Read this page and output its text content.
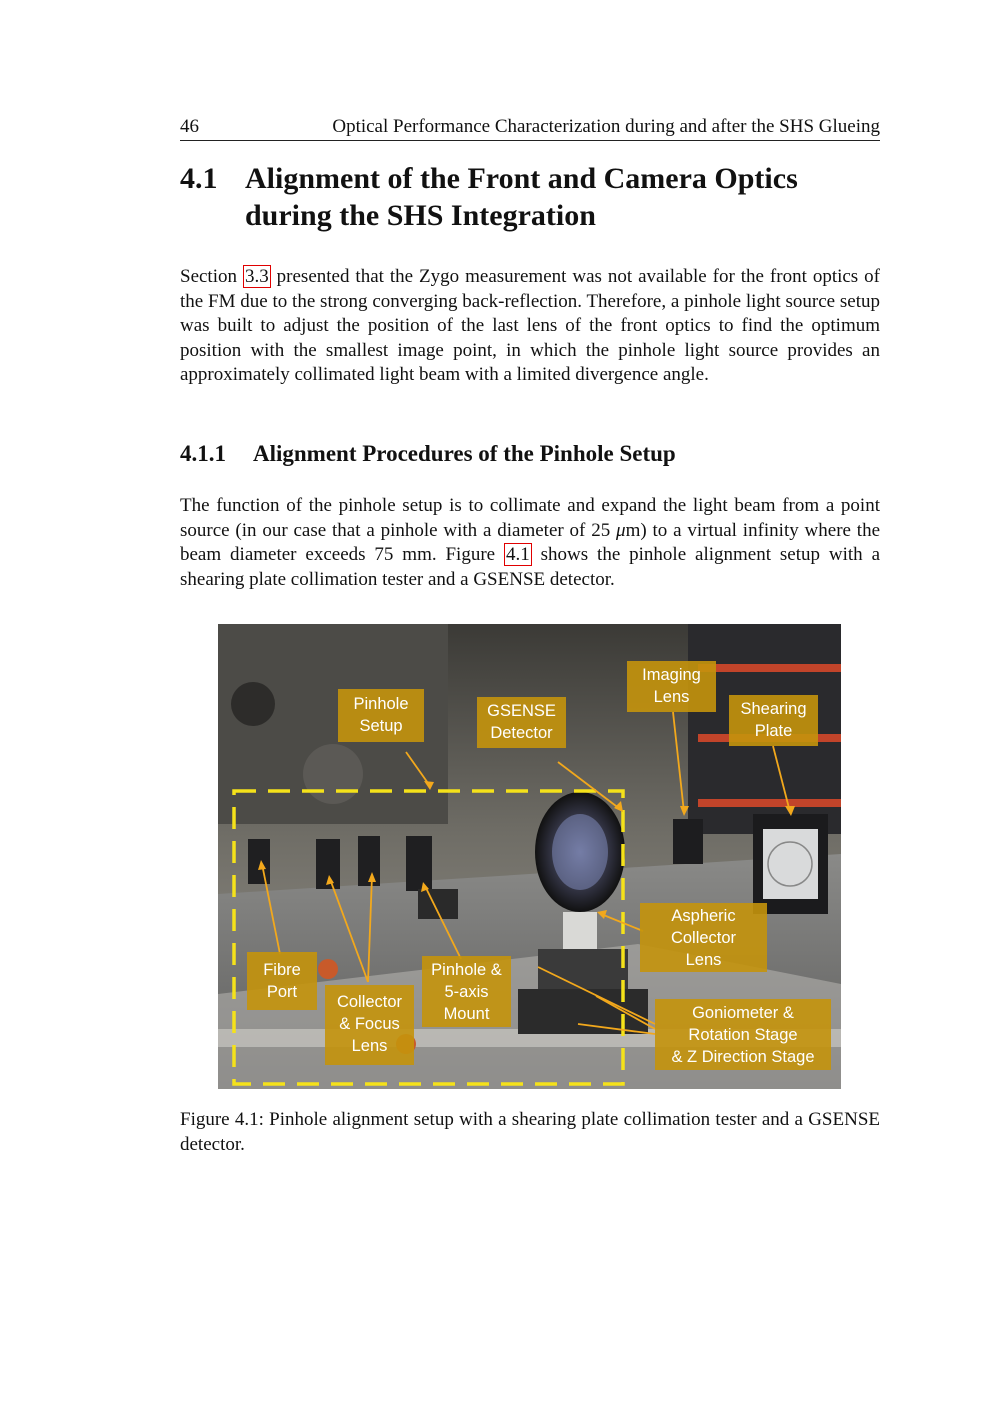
46	Optical Performance Characterization during and after the SHS Glueing
4.1 Alignment of the Front and Camera Optics during the SHS Integration

Section 3.3 presented that the Zygo measurement was not available for the front optics of the FM due to the strong converging back-reflection. Therefore, a pinhole light source setup was built to adjust the position of the last lens of the front optics to find the optimum position with the smallest image point, in which the pinhole light source provides an approximately collimated light beam with a limited divergence angle.

4.1.1 Alignment Procedures of the Pinhole Setup

The function of the pinhole setup is to collimate and expand the light beam from a point source (in our case that a pinhole with a diameter of 25 μm) to a virtual infinity where the beam diameter exceeds 75 mm. Figure 4.1 shows the pinhole alignment setup with a shearing plate collimation tester and a GSENSE detector.

Pinhole
Setup
GSENSE
Detector
Imaging
Lens
Shearing
Plate
Aspheric
Collector
Lens
Fibre
Port
Pinhole &
5-axis
Mount
Collector
& Focus
Lens
Goniometer &
Rotation Stage
& Z Direction Stage

Figure 4.1: Pinhole alignment setup with a shearing plate collimation tester and a GSENSE detector.
